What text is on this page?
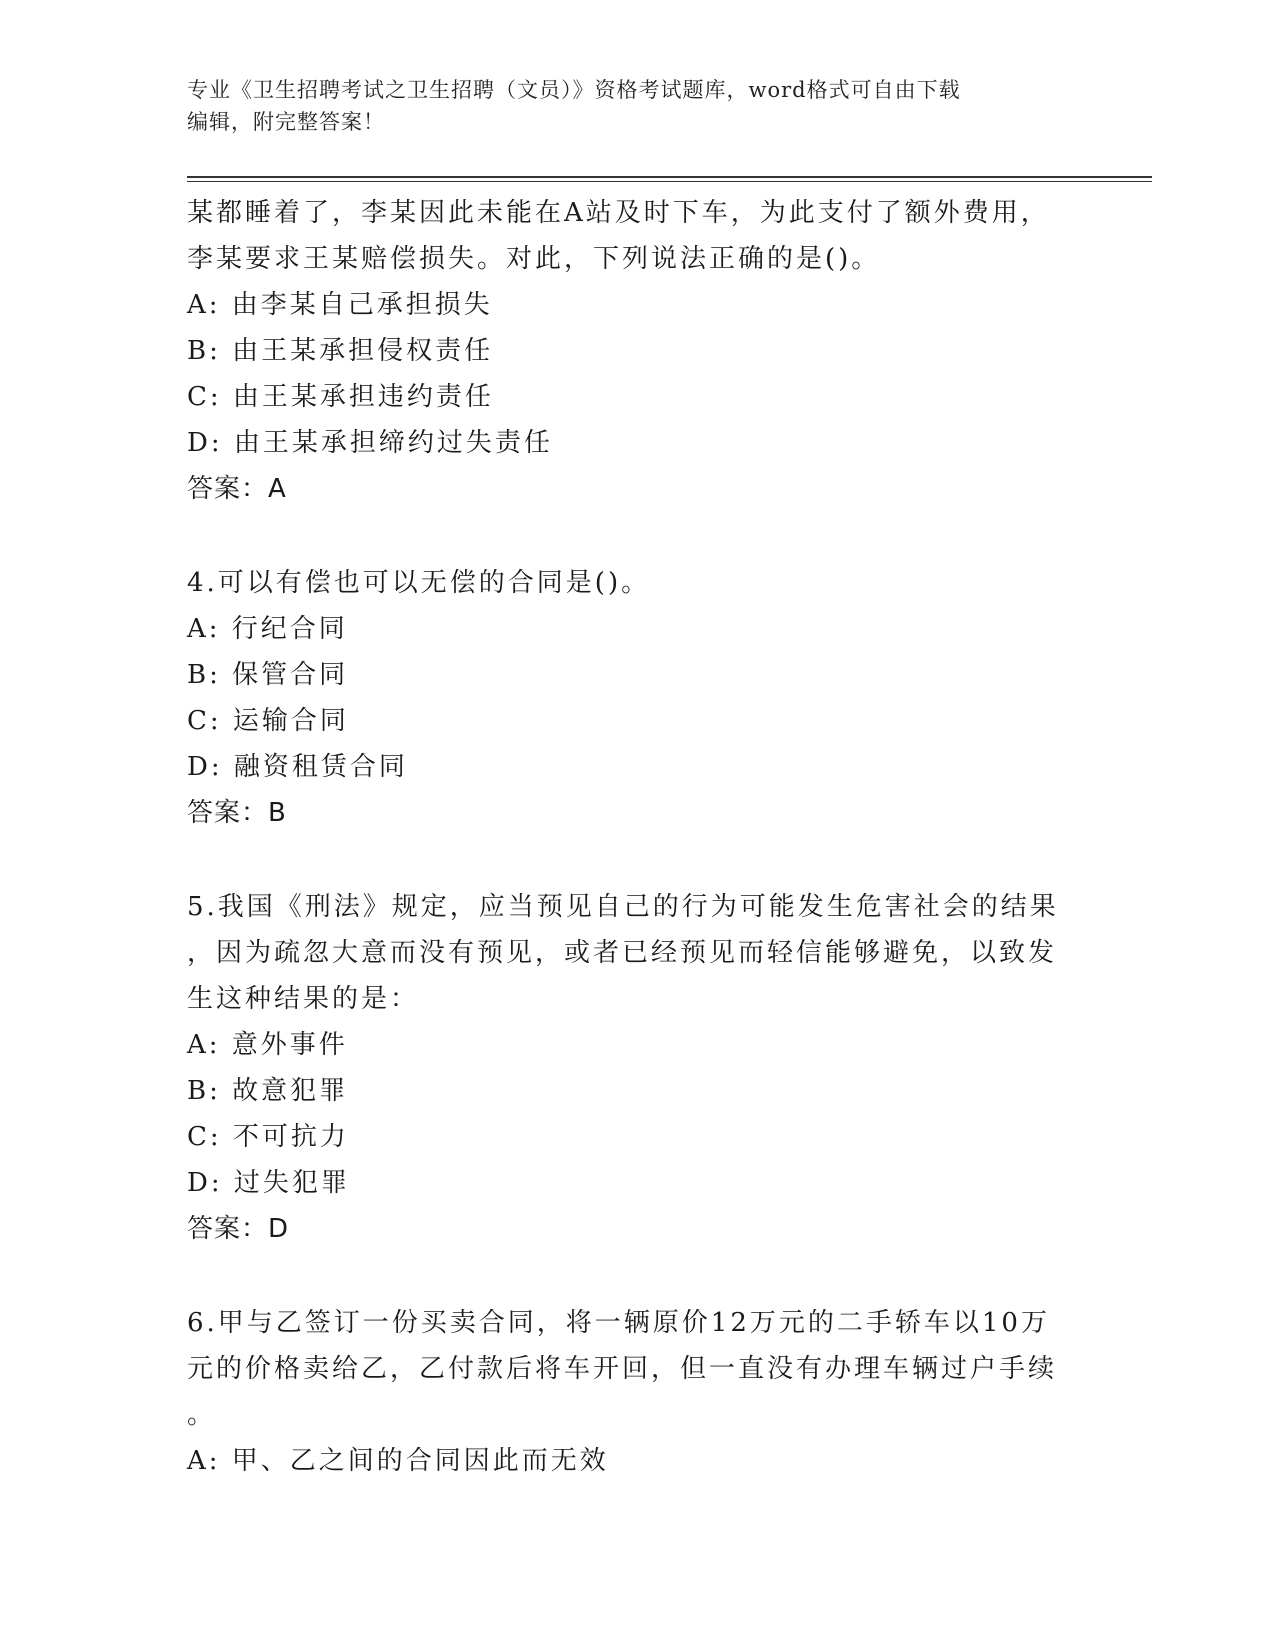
专业《卫生招聘考试之卫生招聘（文员）》资格考试题库，word格式可自由下载
编辑，附完整答案！
某都睡着了，李某因此未能在A站及时下车，为此支付了额外费用，
李某要求王某赔偿损失。对此，下列说法正确的是()。
A: 由李某自己承担损失
B: 由王某承担侵权责任
C: 由王某承担违约责任
D: 由王某承担缔约过失责任
答案：A
4.可以有偿也可以无偿的合同是()。
A: 行纪合同
B: 保管合同
C: 运输合同
D: 融资租赁合同
答案：B
5.我国《刑法》规定，应当预见自己的行为可能发生危害社会的结果
，因为疏忽大意而没有预见，或者已经预见而轻信能够避免，以致发
生这种结果的是：
A: 意外事件
B: 故意犯罪
C: 不可抗力
D: 过失犯罪
答案：D
6.甲与乙签订一份买卖合同，将一辆原价12万元的二手轿车以10万
元的价格卖给乙，乙付款后将车开回，但一直没有办理车辆过户手续
。
A: 甲、乙之间的合同因此而无效
